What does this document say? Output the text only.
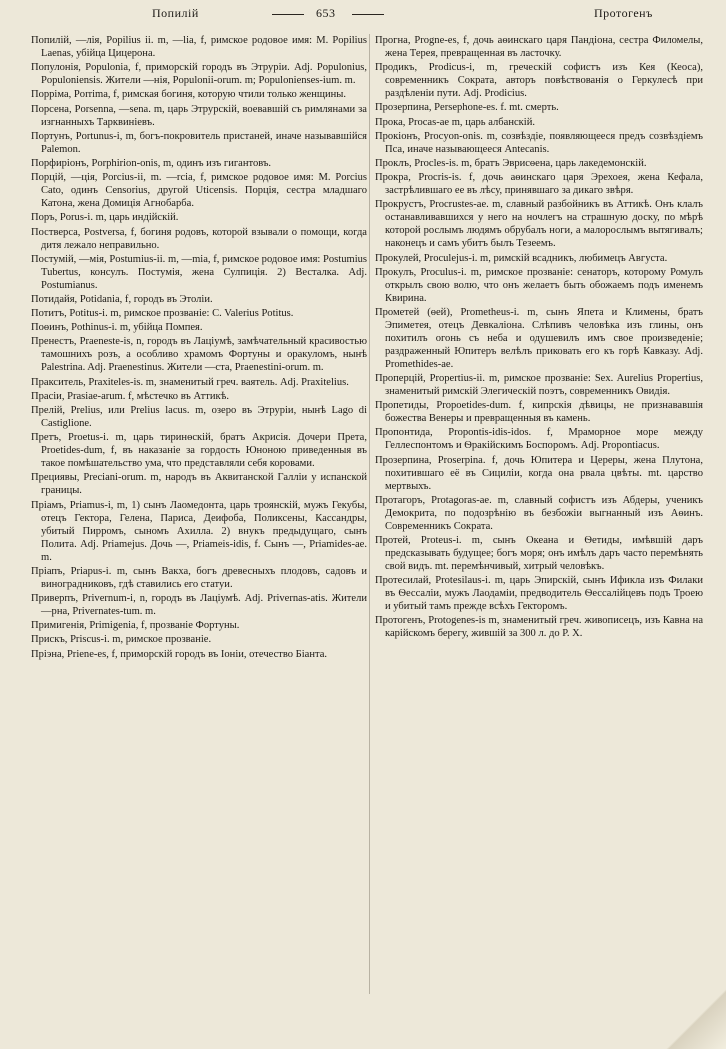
Попилій	653	Протогенъ

Попилій, —лія, Popilius ii. m, —lia, f, римское родовое имя: M. Popilius Laenas, убійца Цицерона.

Популонія, Populonia, f, приморскій городъ въ Этруріи. Adj. Populonius, Populoniensis. Жители —нія, Populonii-orum. m; Populonienses-ium. m.

Порріма, Porrima, f, римская богиня, которую чтили только женщины.

Порсена, Porsenna, —sena. m, царь Этрурскій, воевавшій съ римлянами за изгнанныхъ Тарквиніевъ.

Портунъ, Portunus-i, m, богъ-покровитель пристаней, иначе называвшійся Palemon.

Порфиріонъ, Porphirion-onis, m, одинъ изъ гигантовъ.

Порцій, —ція, Porcius-ii, m. —rcia, f, римское родовое имя: M. Porcius Cato, одинъ Censorius, другой Uticensis. Порція, сестра младшаго Катона, жена Домиція Агнобарба.

Поръ, Porus-i. m, царь индійскій.

Постверса, Postversa, f, богиня родовъ, которой взывали о помощи, когда дитя лежало неправильно.

Постумій, —мія, Postumius-ii. m, —mia, f, римское родовое имя: Postumius Tubertus, консулъ. Постумія, жена Сулпиція. 2) Весталка. Adj. Postumianus.

Потидайя, Potidania, f, городъ въ Этоліи.

Потитъ, Potitus-i. m, римское прозваніе: C. Valerius Potitus.

Поѳинъ, Pothinus-i. m, убійца Помпея.

Пренестъ, Praeneste-is, n, городъ въ Лаціумѣ, замѣчательный красивостью тамошнихъ розъ, а особливо храмомъ Фортуны и оракуломъ, нынѣ Palestrina. Adj. Praenestinus. Жители —ста, Praenestini-orum. m.

Пракситель, Praxiteles-is. m, знаменитый греч. ваятель. Adj. Praxitelius.

Прасіи, Prasiae-arum. f, мѣстечко въ Аттикѣ.

Прелій, Prelius, или Prelius lacus. m, озеро въ Этруріи, нынѣ Lago di Castiglione.

Претъ, Proetus-i. m, царь тиринѳскій, братъ Акрисія. Дочери Прета, Proetides-dum, f, въ наказаніе за гордость Юноною приведенныя въ такое помѣшательство ума, что представляли себя коровами.

Прециявы, Preciani-orum. m, народъ въ Аквитанской Галліи у испанской границы.

Пріамъ, Priamus-i, m, 1) сынъ Лаомедонта, царь троянскій, мужъ Гекубы, отецъ Гектора, Гелена, Париса, Деифоба, Поликсены, Кассандры, убитый Пирромъ, сыномъ Ахилла. 2) внукъ предыдущаго, сынъ Полита. Adj. Priamejus. Дочь —, Priameis-idis, f. Сынъ —, Priamides-ae. m.

Пріапъ, Priapus-i. m, сынъ Вакха, богъ древесныхъ плодовъ, садовъ и виноградниковъ, гдѣ ставились его статуи.

Приверпъ, Privernum-i, n, городъ въ Лаціумѣ. Adj. Privernas-atis. Жители —рна, Privernates-tum. m.

Примигенія, Primigenia, f, прозваніе Фортуны.

Прискъ, Priscus-i. m, римское прозваніе.

Пріэна, Priene-es, f, приморскій городъ въ Іоніи, отечество Біанта.

Прогна, Progne-es, f, дочь аѳинскаго царя Пандіона, сестра Филомелы, жена Терея, превращенная въ ласточку.

Продикъ, Prodicus-i, m, греческій софистъ изъ Кея (Кеоса), современникъ Сократа, авторъ повѣствованія о Геркулесѣ при раздѣленіи пути. Adj. Prodicius.

Прозерпина, Persephone-es. f. mt. смерть.

Прока, Procas-ae m, царь албанскій.

Прокіонъ, Procyon-onis. m, созвѣздіе, появляющееся предъ созвѣздіемъ Пса, иначе называющееся Antecanis.

Проклъ, Procles-is. m, братъ Эврисѳена, царь лакедемонскій.

Прокра, Procris-is. f, дочь аѳинскаго царя Эрехоея, жена Кефала, застрѣлившаго ее въ лѣсу, принявшаго за дикаго звѣря.

Прокрустъ, Procrustes-ae. m, славный разбойникъ въ Аттикѣ. Онъ клалъ останавливавшихся у него на ночлегъ на страшную доску, по мѣрѣ которой рослымъ людямъ обрубалъ ноги, а малорослымъ вытягивалъ; наконецъ и самъ убитъ былъ Тезеемъ.

Прокулей, Proculejus-i. m, римскій всадникъ, любимецъ Августа.

Прокулъ, Proculus-i. m, римское прозваніе: сенаторъ, которому Ромулъ открылъ свою волю, что онъ желаетъ быть обожаемъ подъ именемъ Квирина.

Прометей (ѳей), Prometheus-i. m, сынъ Япета и Климены, братъ Эпиметея, отецъ Девкаліона. Слѣпивъ человѣка изъ глины, онъ похитилъ огонь съ неба и одушевилъ имъ свое произведеніе; раздраженный Юпитеръ велѣлъ приковать его къ горѣ Кавказу. Adj. Promethides-ae.

Проперцій, Propertius-ii. m, римское прозваніе: Sex. Aurelius Propertius, знаменитый римскій Элегическій поэтъ, современникъ Овидія.

Пропетиды, Propoetides-dum. f, кипрскія дѣвицы, не признававшія божества Венеры и превращенныя въ камень.

Пропонтида, Propontis-idis-idos. f, Мраморное море между Геллеспонтомъ и Ѳракійскимъ Боспоромъ. Adj. Propontiacus.

Прозерпина, Proserpina. f, дочь Юпитера и Цереры, жена Плутона, похитившаго её въ Сициліи, когда она рвала цвѣты. mt. царство мертвыхъ.

Протагоръ, Protagoras-ae. m, славный софистъ изъ Абдеры, ученикъ Демокрита, по подозрѣнію въ безбожіи выгнанный изъ Аѳинъ. Современникъ Сократа.

Протей, Proteus-i. m, сынъ Океана и Ѳетиды, имѣвшій даръ предсказывать будущее; богъ моря; онъ имѣлъ даръ часто перемѣнять свой видъ. mt. перемѣнчивый, хитрый человѣкъ.

Протесилай, Protesilaus-i. m, царь Эпирскій, сынъ Ификла изъ Филаки въ Ѳессаліи, мужъ Лаодаміи, предводитель Ѳессалійцевъ подъ Троею и убитый тамъ прежде всѣхъ Гекторомъ.

Протогенъ, Protogenes-is m, знаменитый греч. живописецъ, изъ Кавна на карійскомъ берегу, жившій за 300 л. до Р. Х.
